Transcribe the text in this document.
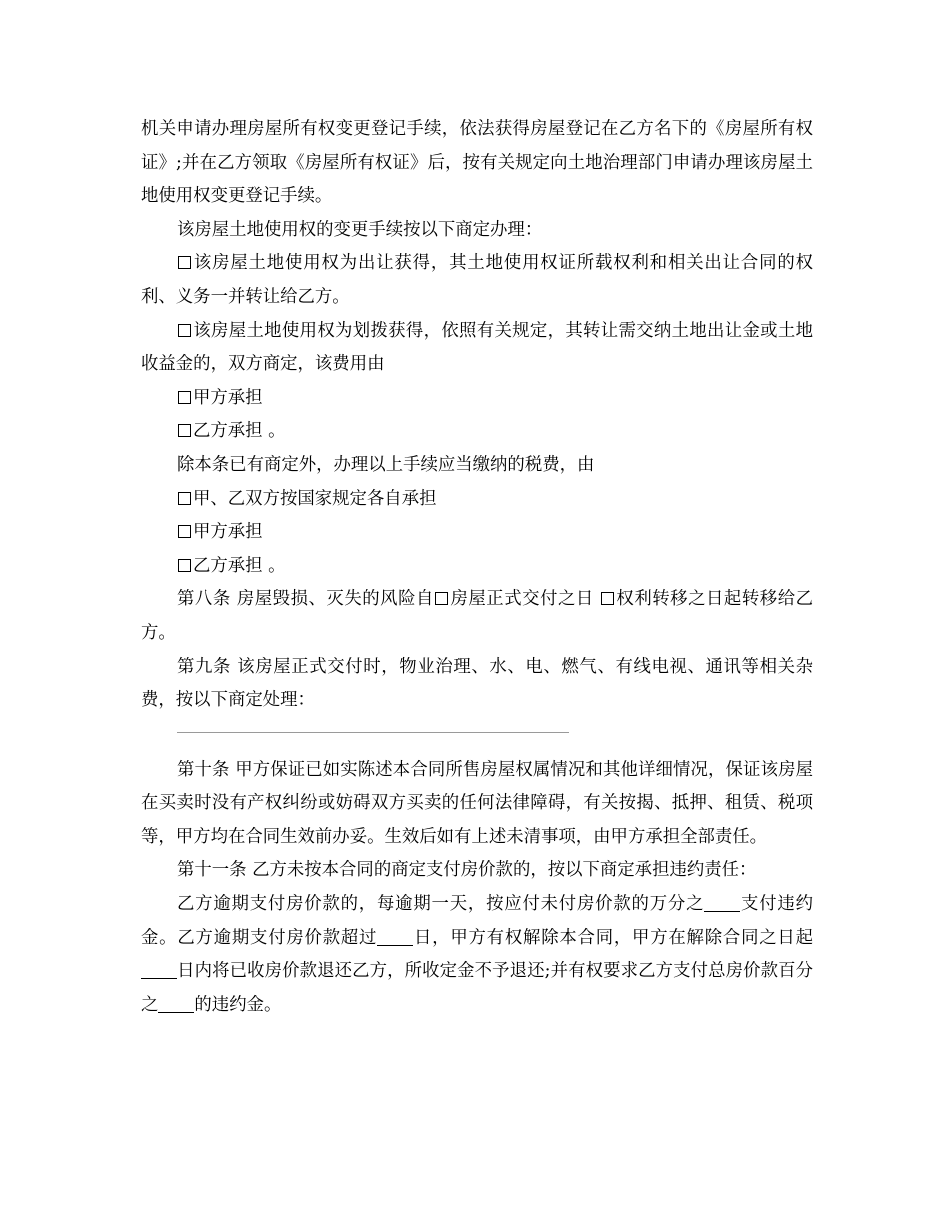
机关申请办理房屋所有权变更登记手续，依法获得房屋登记在乙方名下的《房屋所有权证》;并在乙方领取《房屋所有权证》后，按有关规定向土地治理部门申请办理该房屋土地使用权变更登记手续。

该房屋土地使用权的变更手续按以下商定办理：

该房屋土地使用权为出让获得，其土地使用权证所载权利和相关出让合同的权利、义务一并转让给乙方。

该房屋土地使用权为划拨获得，依照有关规定，其转让需交纳土地出让金或土地收益金的，双方商定，该费用由

甲方承担

乙方承担 。

除本条已有商定外，办理以上手续应当缴纳的税费，由

甲、乙双方按国家规定各自承担

甲方承担

乙方承担 。

第八条 房屋毁损、灭失的风险自 房屋正式交付之日 权利转移之日起转移给乙方。

第九条 该房屋正式交付时，物业治理、水、电、燃气、有线电视、通讯等相关杂费，按以下商定处理：

第十条 甲方保证已如实陈述本合同所售房屋权属情况和其他详细情况，保证该房屋在买卖时没有产权纠纷或妨碍双方买卖的任何法律障碍，有关按揭、抵押、租赁、税项等，甲方均在合同生效前办妥。生效后如有上述未清事项，由甲方承担全部责任。

第十一条 乙方未按本合同的商定支付房价款的，按以下商定承担违约责任：

乙方逾期支付房价款的，每逾期一天，按应付未付房价款的万分之 支付违约金。乙方逾期支付房价款超过 日，甲方有权解除本合同，甲方在解除合同之日起日内将已收房价款退还乙方，所收定金不予退还;并有权要求乙方支付总房价款百分之 的违约金。
